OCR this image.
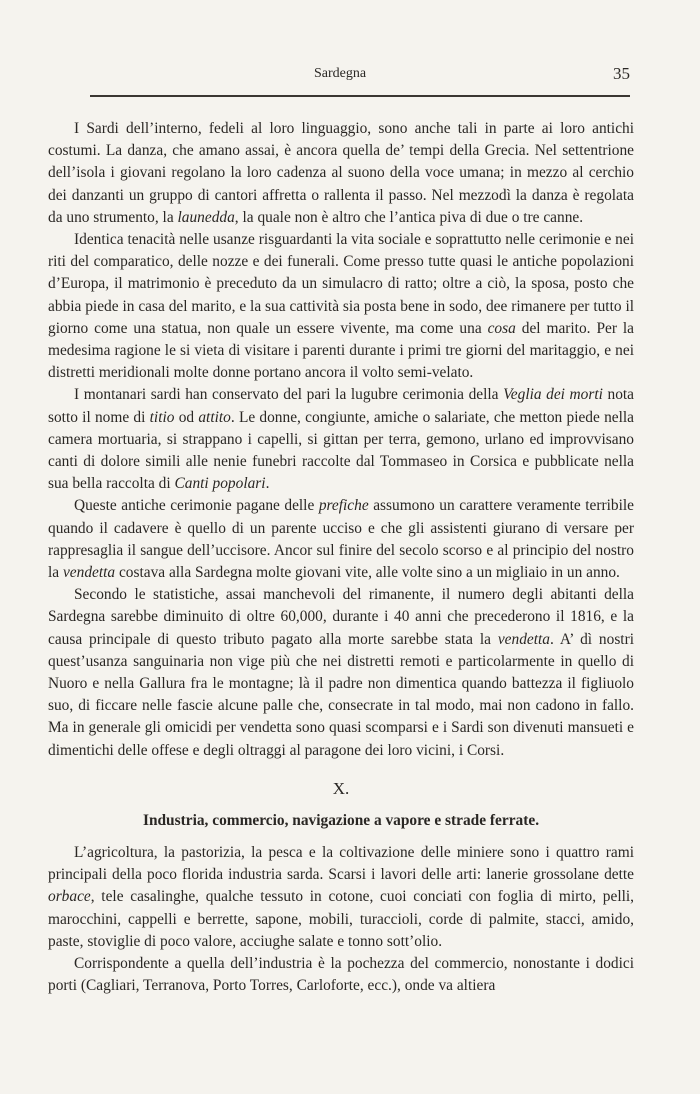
Sardegna	35

I Sardi dell’interno, fedeli al loro linguaggio, sono anche tali in parte ai loro antichi costumi. La danza, che amano assai, è ancora quella de’ tempi della Grecia. Nel settentrione dell’isola i giovani regolano la loro cadenza al suono della voce umana; in mezzo al cerchio dei danzanti un gruppo di cantori affretta o rallenta il passo. Nel mezzodì la danza è regolata da uno strumento, la launedda, la quale non è altro che l’antica piva di due o tre canne.

Identica tenacità nelle usanze risguardanti la vita sociale e soprattutto nelle cerimonie e nei riti del comparatico, delle nozze e dei funerali. Come presso tutte quasi le antiche popolazioni d’Europa, il matrimonio è preceduto da un simulacro di ratto; oltre a ciò, la sposa, posto che abbia piede in casa del marito, e la sua cattività sia posta bene in sodo, dee rimanere per tutto il giorno come una statua, non quale un essere vivente, ma come una cosa del marito. Per la medesima ragione le si vieta di visitare i parenti durante i primi tre giorni del maritaggio, e nei distretti meridionali molte donne portano ancora il volto semi-velato.

I montanari sardi han conservato del pari la lugubre cerimonia della Veglia dei morti nota sotto il nome di titio od attito. Le donne, congiunte, amiche o salariate, che metton piede nella camera mortuaria, si strappano i capelli, si gittan per terra, gemono, urlano ed improvvisano canti di dolore simili alle nenie funebri raccolte dal Tommaseo in Corsica e pubblicate nella sua bella raccolta di Canti popolari.

Queste antiche cerimonie pagane delle prefiche assumono un carattere veramente terribile quando il cadavere è quello di un parente ucciso e che gli assistenti giurano di versare per rappresaglia il sangue dell’uccisore. Ancor sul finire del secolo scorso e al principio del nostro la vendetta costava alla Sardegna molte giovani vite, alle volte sino a un migliaio in un anno.

Secondo le statistiche, assai manchevoli del rimanente, il numero degli abitanti della Sardegna sarebbe diminuito di oltre 60,000, durante i 40 anni che precederono il 1816, e la causa principale di questo tributo pagato alla morte sarebbe stata la vendetta. A’ dì nostri quest’usanza sanguinaria non vige più che nei distretti remoti e particolarmente in quello di Nuoro e nella Gallura fra le montagne; là il padre non dimentica quando battezza il figliuolo suo, di ficcare nelle fascie alcune palle che, consecrate in tal modo, mai non cadono in fallo. Ma in generale gli omicidi per vendetta sono quasi scomparsi e i Sardi son divenuti mansueti e dimentichi delle offese e degli oltraggi al paragone dei loro vicini, i Corsi.

X.

Industria, commercio, navigazione a vapore e strade ferrate.

L’agricoltura, la pastorizia, la pesca e la coltivazione delle miniere sono i quattro rami principali della poco florida industria sarda. Scarsi i lavori delle arti: lanerie grossolane dette orbace, tele casalinghe, qualche tessuto in cotone, cuoi conciati con foglia di mirto, pelli, marocchini, cappelli e berrette, sapone, mobili, turaccioli, corde di palmite, stacci, amido, paste, stoviglie di poco valore, acciughe salate e tonno sott’olio.

Corrispondente a quella dell’industria è la pochezza del commercio, nonostante i dodici porti (Cagliari, Terranova, Porto Torres, Carloforte, ecc.), onde va altiera
